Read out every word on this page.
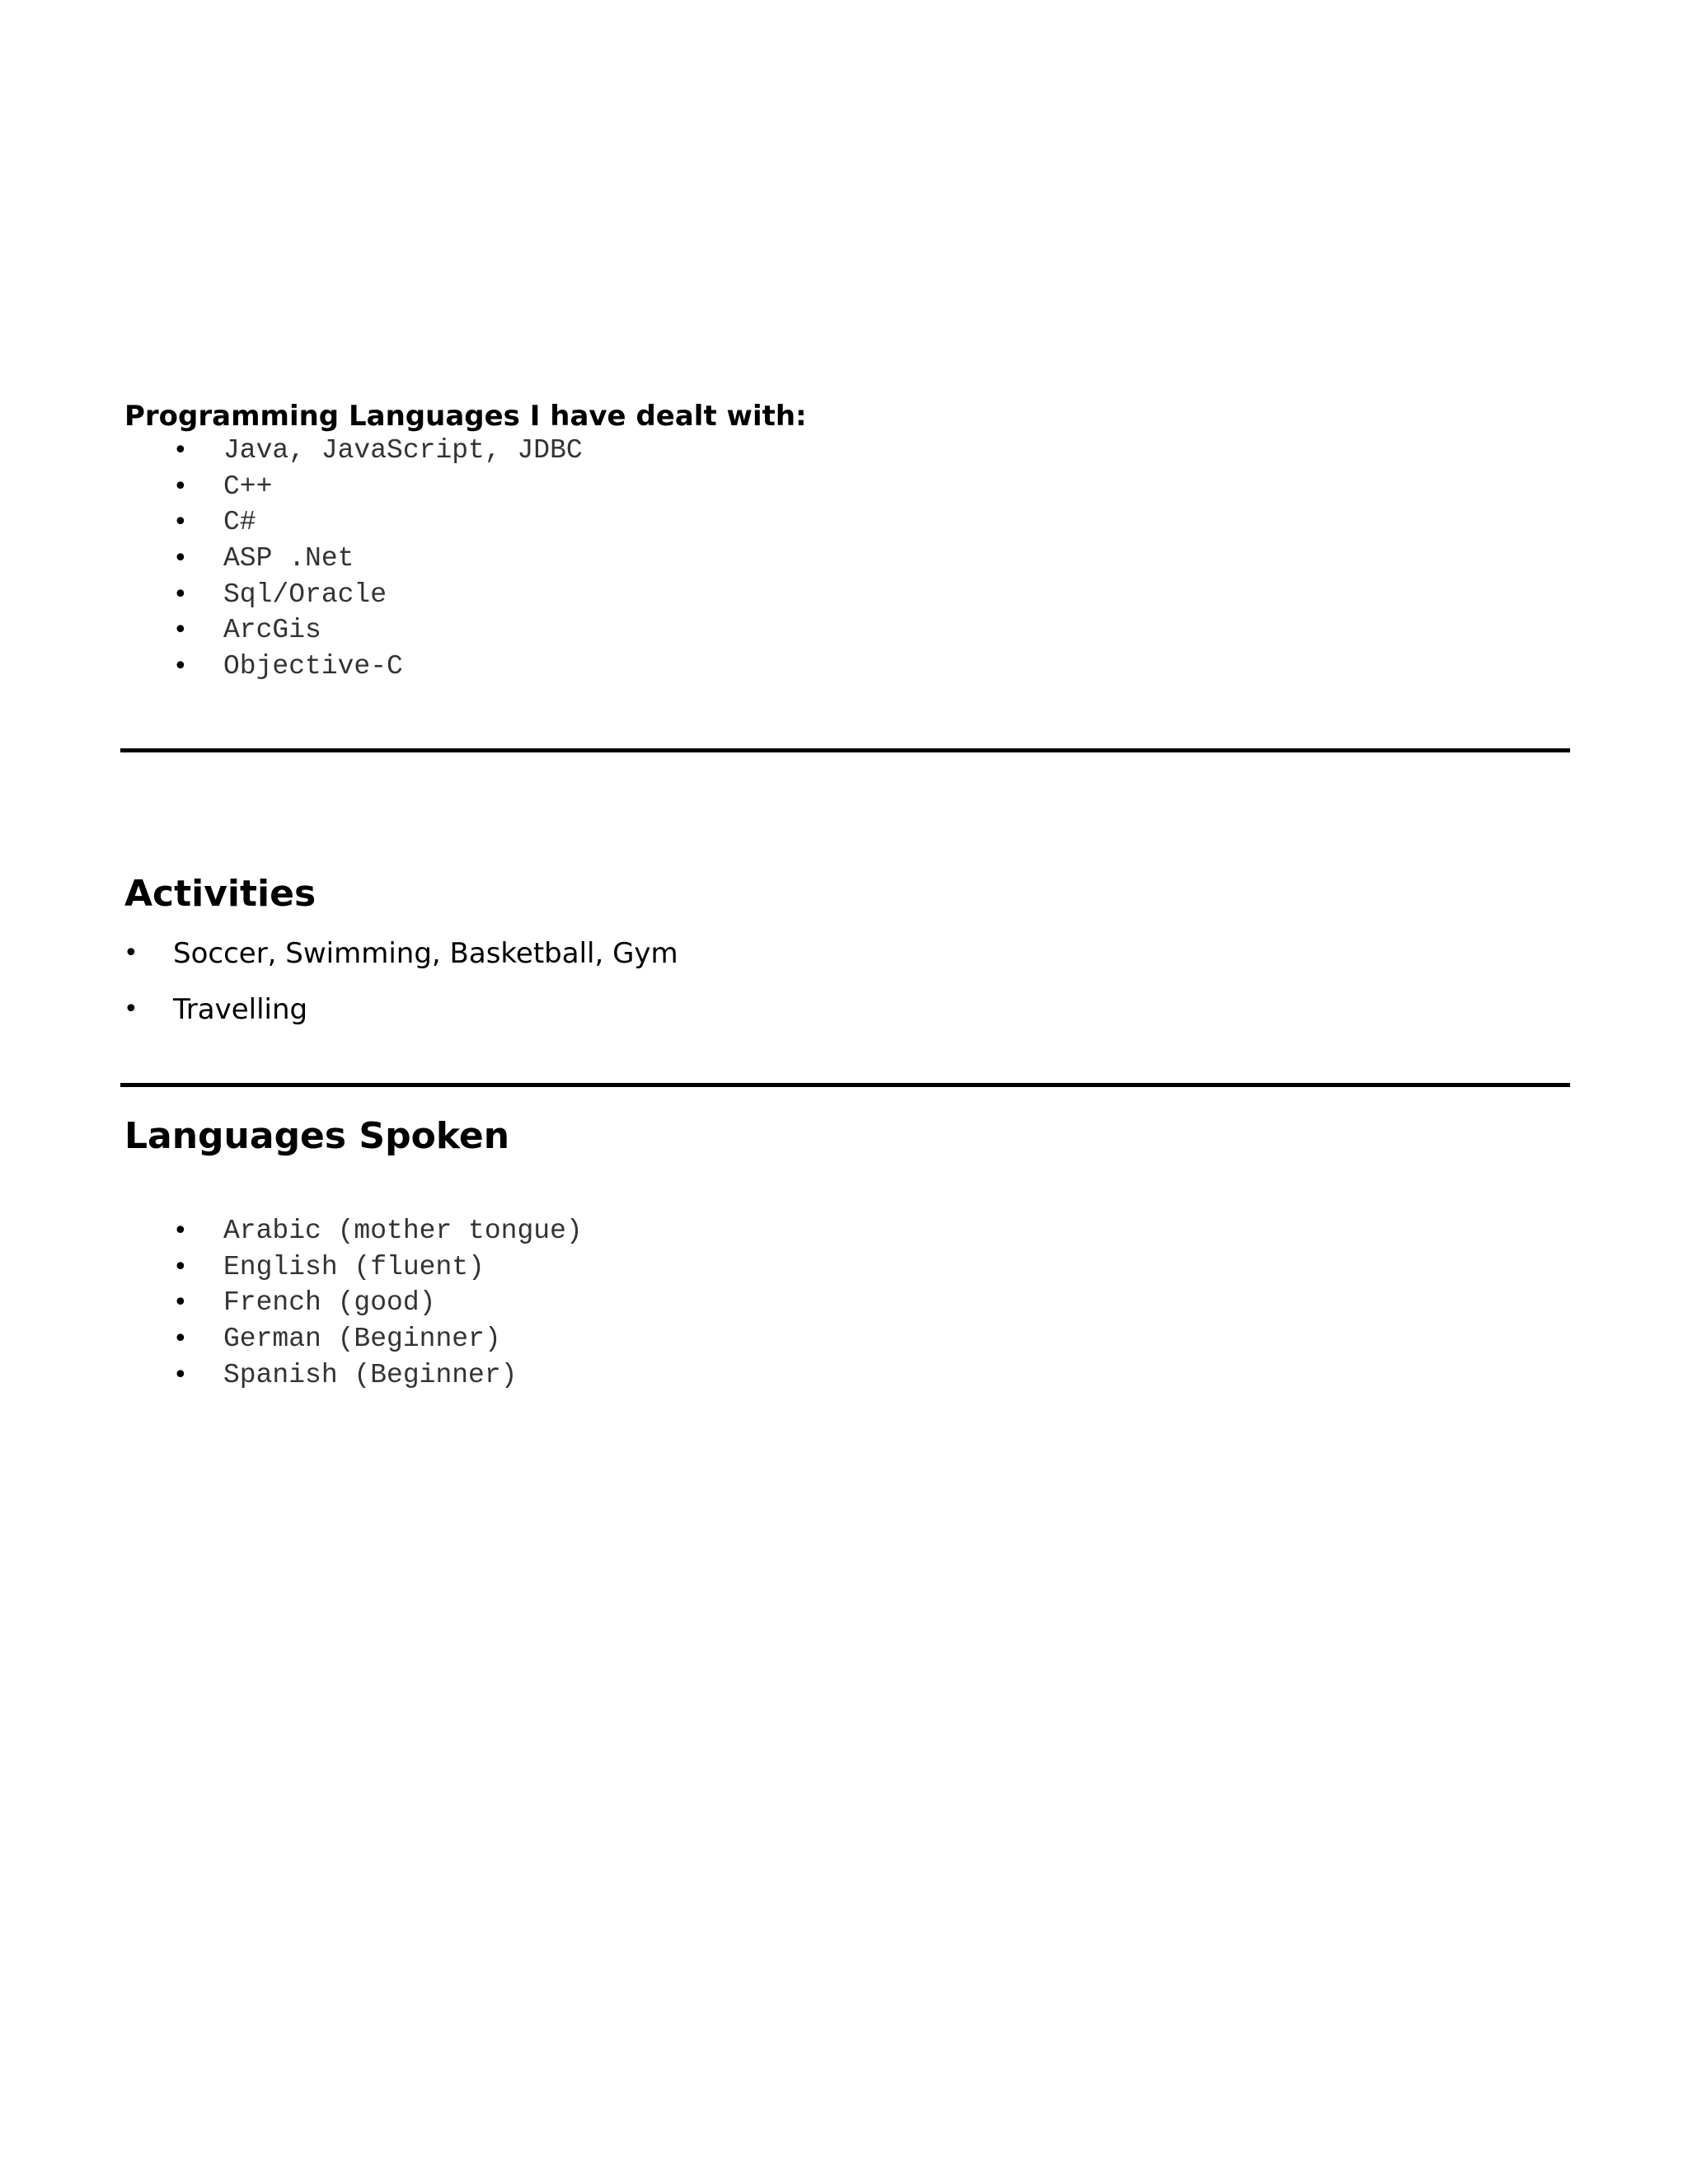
Programming Languages I have dealt with:
• Java, JavaScript, JDBC
• C++
• C#
• ASP .Net
• Sql/Oracle
• ArcGis
• Objective-C
Activities
• Soccer, Swimming, Basketball, Gym
• Travelling
Languages Spoken
• Arabic (mother tongue)
• English (fluent)
• French (good)
• German (Beginner)
• Spanish (Beginner)
